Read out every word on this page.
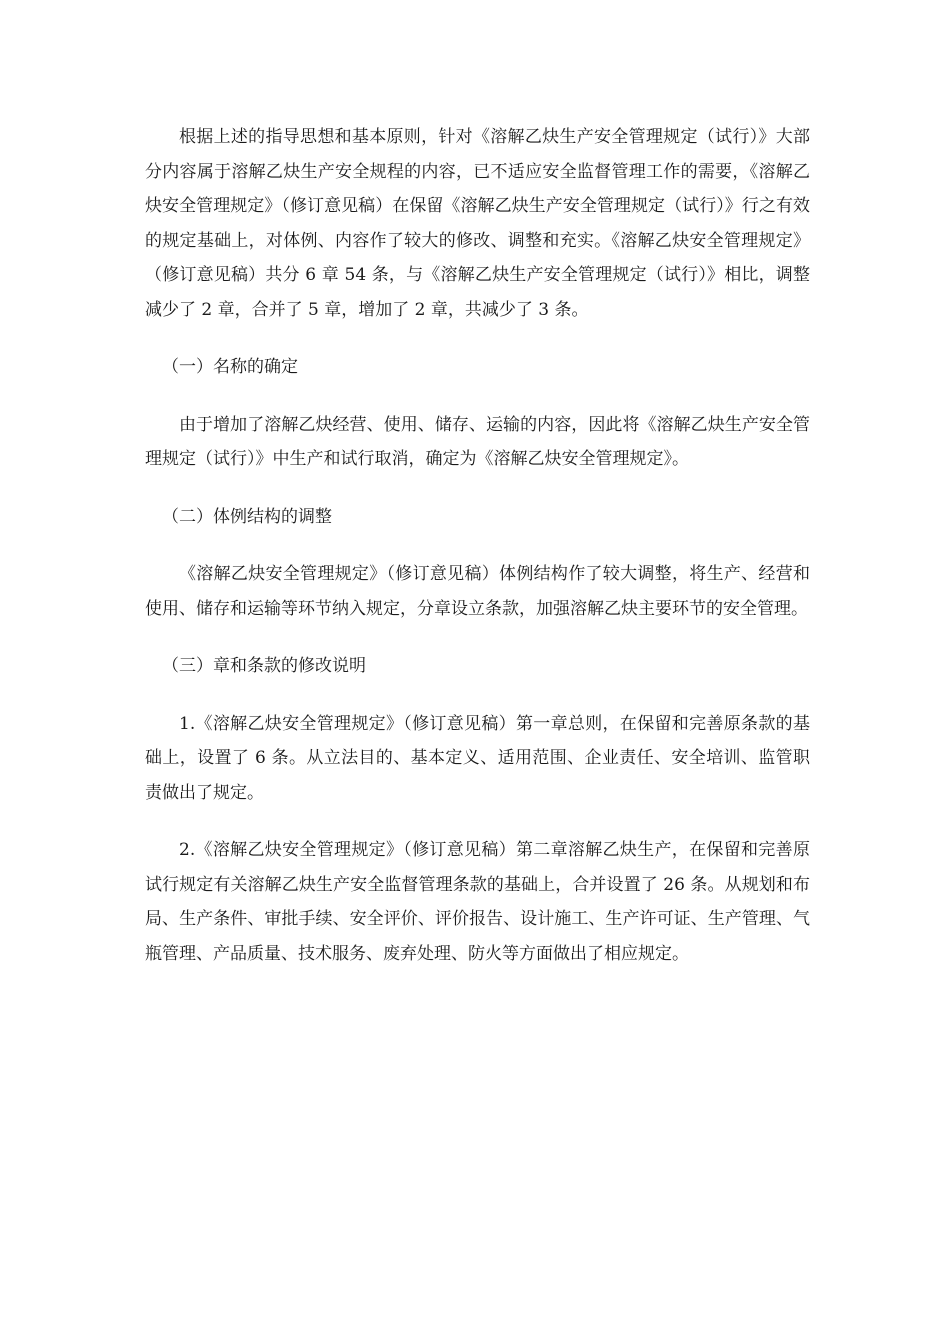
根据上述的指导思想和基本原则，针对《溶解乙炔生产安全管理规定（试行）》大部分内容属于溶解乙炔生产安全规程的内容，已不适应安全监督管理工作的需要，《溶解乙炔安全管理规定》（修订意见稿）在保留《溶解乙炔生产安全管理规定（试行）》行之有效的规定基础上，对体例、内容作了较大的修改、调整和充实。《溶解乙炔安全管理规定》（修订意见稿）共分 6 章 54 条，与《溶解乙炔生产安全管理规定（试行）》相比，调整减少了 2 章，合并了 5 章，增加了 2 章，共减少了 3 条。

（一）名称的确定

由于增加了溶解乙炔经营、使用、储存、运输的内容，因此将《溶解乙炔生产安全管理规定（试行）》中生产和试行取消，确定为《溶解乙炔安全管理规定》。

（二）体例结构的调整

《溶解乙炔安全管理规定》（修订意见稿）体例结构作了较大调整，将生产、经营和使用、储存和运输等环节纳入规定，分章设立条款，加强溶解乙炔主要环节的安全管理。

（三）章和条款的修改说明

1.《溶解乙炔安全管理规定》（修订意见稿）第一章总则，在保留和完善原条款的基础上，设置了 6 条。从立法目的、基本定义、适用范围、企业责任、安全培训、监管职责做出了规定。

2.《溶解乙炔安全管理规定》（修订意见稿）第二章溶解乙炔生产，在保留和完善原试行规定有关溶解乙炔生产安全监督管理条款的基础上，合并设置了 26 条。从规划和布局、生产条件、审批手续、安全评价、评价报告、设计施工、生产许可证、生产管理、气瓶管理、产品质量、技术服务、废弃处理、防火等方面做出了相应规定。
